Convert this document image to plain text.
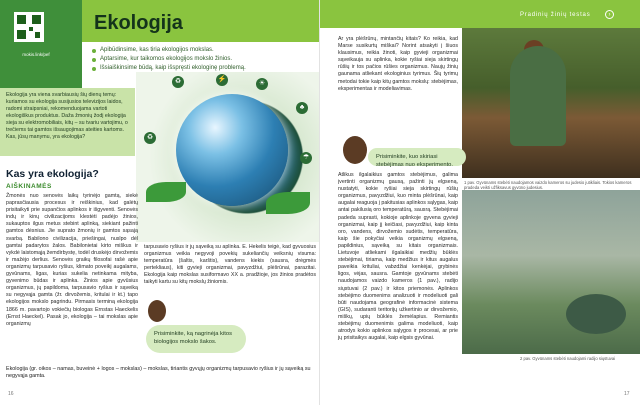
mokis.link/pef
Ekologija
Apibūdinsime, kas tiria ekologijos mokslas.
Aptarsime, kur taikomos ekologijos mokslo žinios.
Išsiaiškinsime būdą, kaip išspręsti ekologinę problemą.

Ekologija yra viena svarbiausių šių dienų temų: kuriamos su ekologija susijusios televizijos laidos, radomi straipsniai, rekomenduojama vartoti ekologiškus produktus. Daža žmonių žodį ekologija sieja su elektromobiliais, kitų – su tvariu vartojimu, o trečiems tai gamtos išsaugojimas ateities kartoms. Kas, jūsų manymu, yra ekologija?

♻	⚡
☀
♣
♻
☂
Kas yra ekologija?
AIŠKINAMĖS
Žmonės nuo senovės laikų tyrinėjo gamtą, siekė paprasčiausia procesus ir reiškinius, kad galėtų prisitaikyti prie supančios aplinkos ir išgyventi. Senovės indų ir kinų civilizacijoms klestėti padėjo žinios, sukauptos ilgus metus stebint aplinką, siekiant pažinti gamtos dėsnius. Jie suprato žmonių ir gamtos sąsają svarbą. Babilono civilizacija, priešingai, nuslpo dėl gamtai padarytos žalos. Babilonietai kirto miškus ir vykdė laistomąją žemdirbystę, todėl druskėjo dirvožemis ir mažėjo derlius. Senovės graikų filosofai rašė apie organizmų tarpusavio ryšius, klimato poveikį augalams, gyvūnams, ligas, kurias sukelia netinkama mityba, gyvenimo būdas ir aplinka. Žinios apie gyvūsius organizmus, jų papildoma, tarpusavio ryšius ir sąveiką su negyvąja gamta (žr. dirvožemis, kritulai ir kt.) tapo ekologijos mokslo pagrindu. Pirmasis terminą ekologija 1866 m. pavartojo vokiečių biologas Ernstas Haeckelis (Ernst Haeckel). Pasak jo, ekologija – tai mokslas apie organizmų
tarpusavio ryšius ir jų sąveiką su aplinka. E. Hekelis teigė, kad gyvuosius organizmus veikia negyvoji povekių sukeliančių veiksnių visuma: temperatūra (šaltis, karštis), vandens kiekis (sausra, drėgmės pertekliaus), kiti gyvieji organizmai, pavyzdžiui, plėšrūnai, parazitai. Ekologija kaip mokslas susiformavo XX a. pradžioje, jos žinios pradėtos taikyti kartu su kitų mokslų žiniomis.
Prisiminkite, ką nagrinėja kitos biologijos mokslo šakos.
Ekologija (gr. oikos – namas, buveinė + logos – mokslas) – mokslas, tiriantis gyvųjų organizmų tarpusavio ryšius ir jų sąveiką su negyvąja gamta.
16
Pradinių žinių testas	›
Ar yra plėšrūnų, mintančių kitais? Ko reikia, kad Marse susikurtų miškai? Norint atsakyti į šiuos klausimus, reikia žinoti, kaip gyvieji organizmai sąveikauja su aplinka, kokie ryšiai sieja skirtingų rūšių ir tos pačios rūšies organizmus. Naujų žinių gaunama atliekant ekologinius tyrimus. Šių tyrimų metodai tokie kaip kitų gamtos mokslų: stebėjimas, eksperimentas ir modeliavimas.
Prisiminkite, kuo skiriasi stebėjimas nuo eksperimento.
Atlikus ilgalaikius gamtos stebėjimus, galima įvertinti organizmų gausą, pažinti jų elgseną, nustatyti, kokie ryšiai sieja skirtingų rūšių organizmus, pavyzdžiui, kuo minta plėšrūnai, kaip augalai reaguoja į pakitusias aplinkos sąlygas, kaip antai pakilusią oro temperatūrą, sausrą. Stebėjimai padeda suprasti, kokioje aplinkoje gyvena gyvieji organizmai, kaip jį keičiasi, pavyzdžiui, kaip kinta oro, vandens, dirvožemio sudėtis, temperatūra, kaip šie pokyčiai veikia organizmų elgseną, papildinius, sąveiką su kitais organizmais. Lietuvoje atliekami ilgalaikiai medžių būklės stebėjimai, tiriama, kaip medžius ir kitus augalus paveikia krituliai, vabzdžiai kenkėjai, grybinės ligos, vėjas, sausra. Gamtoje gyvūnams stebėti naudojamos vaizdo kameros (1 pav.), radijo siųstuvai (2 pav.) ir kitos priemonės. Aplinkos stebėjimo duomenims analizuoti ir modeliuoti gali būti naudojama geografinė informacinė sistema (GIS), sudaranti teritorijų užkertinio ar dirvožemio, miškų, upių būklės žemėlapius. Remiantis stebėjimų duomenimis galima modeliuoti, kaip atrodys kokio aplinkos sąlygos ir procesai, ar prie jų prisitaikys augalai, kaip elgsis gyvūnai.
1 pav. Gyvūnams stebėti naudojamos vaizdo kameros su judesio jutikliais. Tokios kameros pradeda veikti užfiksavus gyvūno judesius.
2 pav. Gyvūnams stebėti naudojami radijo siųstuvai
17
